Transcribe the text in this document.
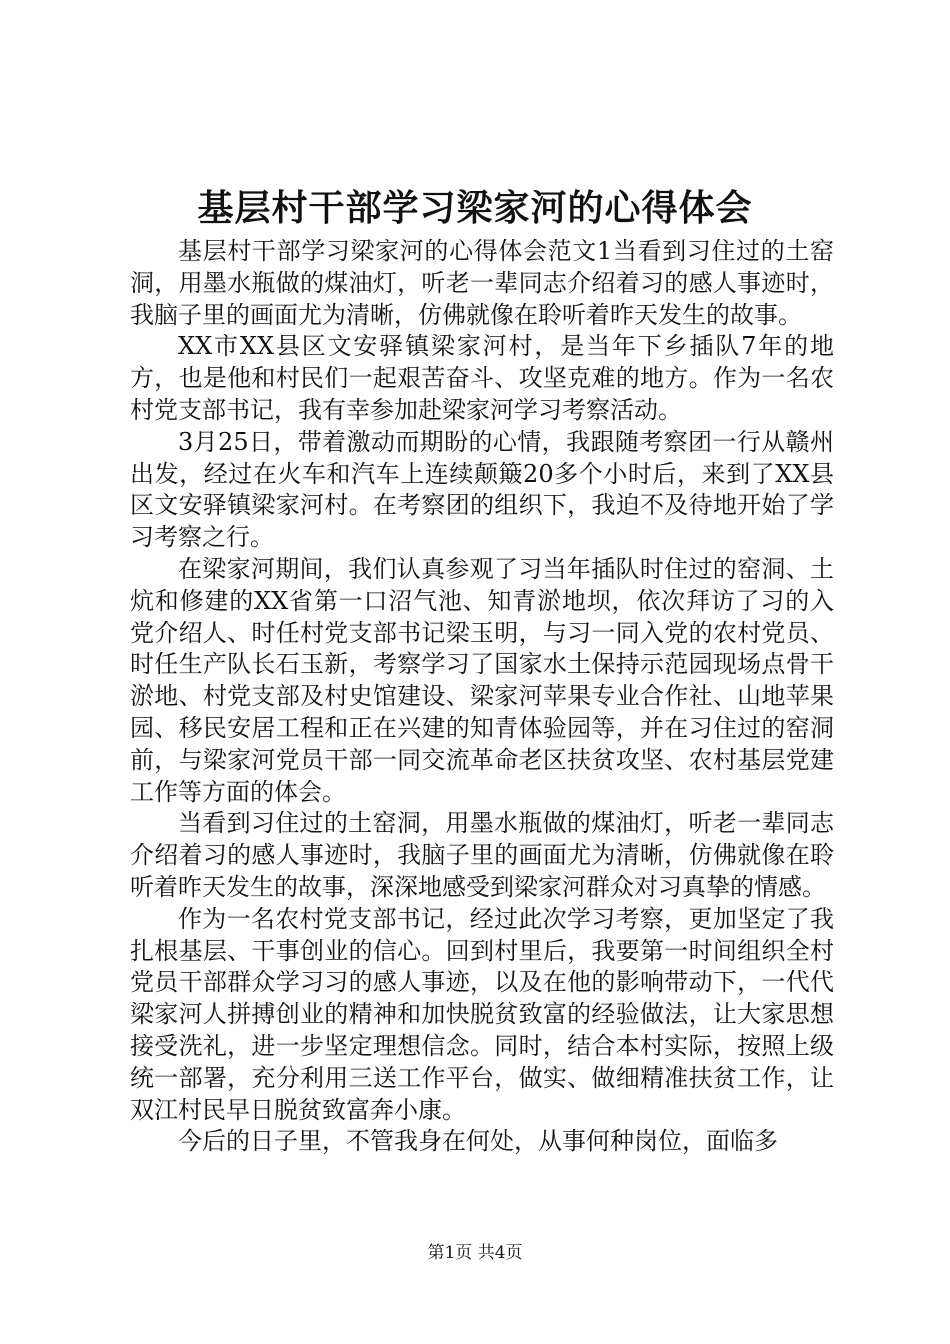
基层村干部学习梁家河的心得体会

基层村干部学习梁家河的心得体会范文1当看到习住过的土窑洞，用墨水瓶做的煤油灯，听老一辈同志介绍着习的感人事迹时，我脑子里的画面尤为清晰，仿佛就像在聆听着昨天发生的故事。

XX市XX县区文安驿镇梁家河村，是当年下乡插队7年的地方，也是他和村民们一起艰苦奋斗、攻坚克难的地方。作为一名农村党支部书记，我有幸参加赴梁家河学习考察活动。

3月25日，带着激动而期盼的心情，我跟随考察团一行从赣州出发，经过在火车和汽车上连续颠簸20多个小时后，来到了XX县区文安驿镇梁家河村。在考察团的组织下，我迫不及待地开始了学习考察之行。

在梁家河期间，我们认真参观了习当年插队时住过的窑洞、土炕和修建的XX省第一口沼气池、知青淤地坝，依次拜访了习的入党介绍人、时任村党支部书记梁玉明，与习一同入党的农村党员、时任生产队长石玉新，考察学习了国家水土保持示范园现场点骨干淤地、村党支部及村史馆建设、梁家河苹果专业合作社、山地苹果园、移民安居工程和正在兴建的知青体验园等，并在习住过的窑洞前，与梁家河党员干部一同交流革命老区扶贫攻坚、农村基层党建工作等方面的体会。

当看到习住过的土窑洞，用墨水瓶做的煤油灯，听老一辈同志介绍着习的感人事迹时，我脑子里的画面尤为清晰，仿佛就像在聆听着昨天发生的故事，深深地感受到梁家河群众对习真挚的情感。

作为一名农村党支部书记，经过此次学习考察，更加坚定了我扎根基层、干事创业的信心。回到村里后，我要第一时间组织全村党员干部群众学习习的感人事迹，以及在他的影响带动下，一代代梁家河人拼搏创业的精神和加快脱贫致富的经验做法，让大家思想接受洗礼，进一步坚定理想信念。同时，结合本村实际，按照上级统一部署，充分利用三送工作平台，做实、做细精准扶贫工作，让双江村民早日脱贫致富奔小康。

今后的日子里，不管我身在何处，从事何种岗位，面临多

第1页 共4页
